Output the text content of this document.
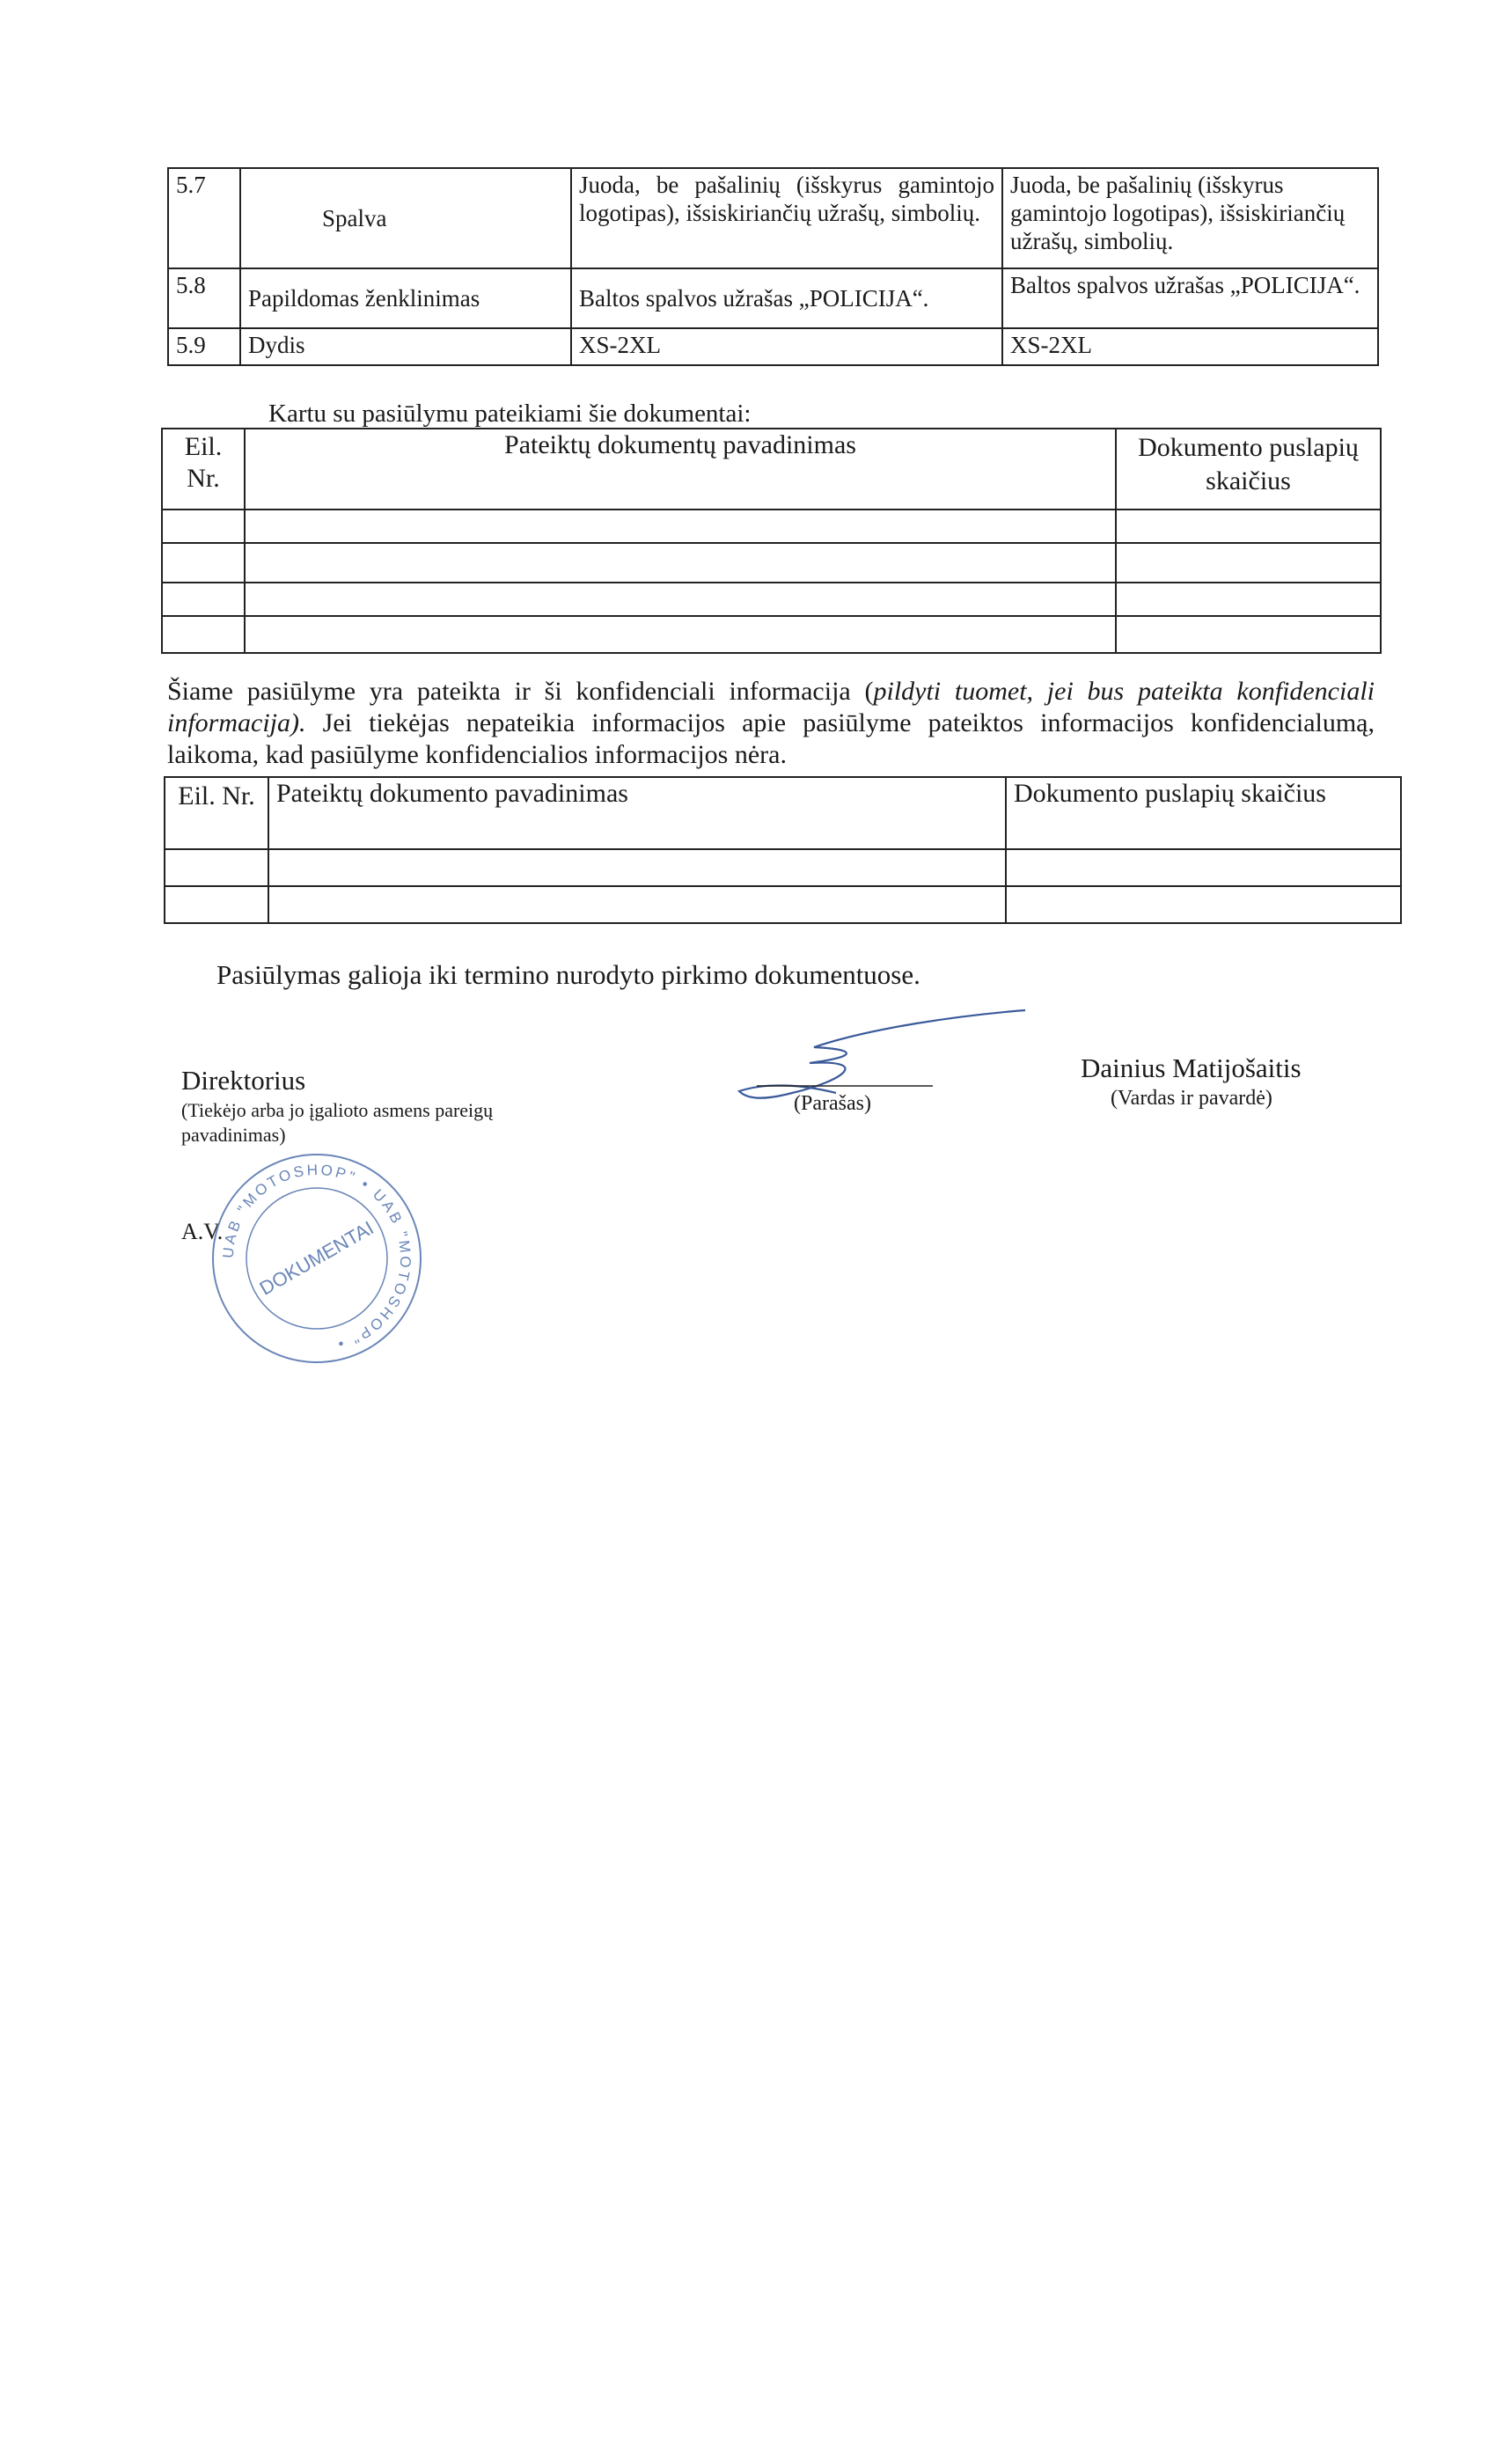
5.7	Spalva	Juoda, be pašalinių (išskyrus gamintojo logotipas), išsiskiriančių užrašų, simbolių.	Juoda, be pašalinių (išskyrus gamintojo logotipas), išsiskiriančių užrašų, simbolių.
5.8	Papildomas ženklinimas	Baltos spalvos užrašas „POLICIJA“.	Baltos spalvos užrašas „POLICIJA“.
5.9	Dydis	XS-2XL	XS-2XL
Kartu su pasiūlymu pateikiami šie dokumentai:
Eil. Nr.	Pateiktų dokumentų pavadinimas	Dokumento puslapių skaičius

Šiame pasiūlyme yra pateikta ir ši konfidenciali informacija (pildyti tuomet, jei bus pateikta konfidenciali informacija). Jei tiekėjas nepateikia informacijos apie pasiūlyme pateiktos informacijos konfidencialumą, laikoma, kad pasiūlyme konfidencialios informacijos nėra.
Eil. Nr.	Pateiktų dokumento pavadinimas	Dokumento puslapių skaičius

Pasiūlymas galioja iki termino nurodyto pirkimo dokumentuose.
Direktorius
(Tiekėjo arba jo įgalioto asmens pareigų pavadinimas)
(Parašas)
Dainius Matijošaitis
(Vardas ir pavardė)
A.V.
UAB "MOTOSHOP" • UAB "MOTOSHOP" •
DOKUMENTAI
